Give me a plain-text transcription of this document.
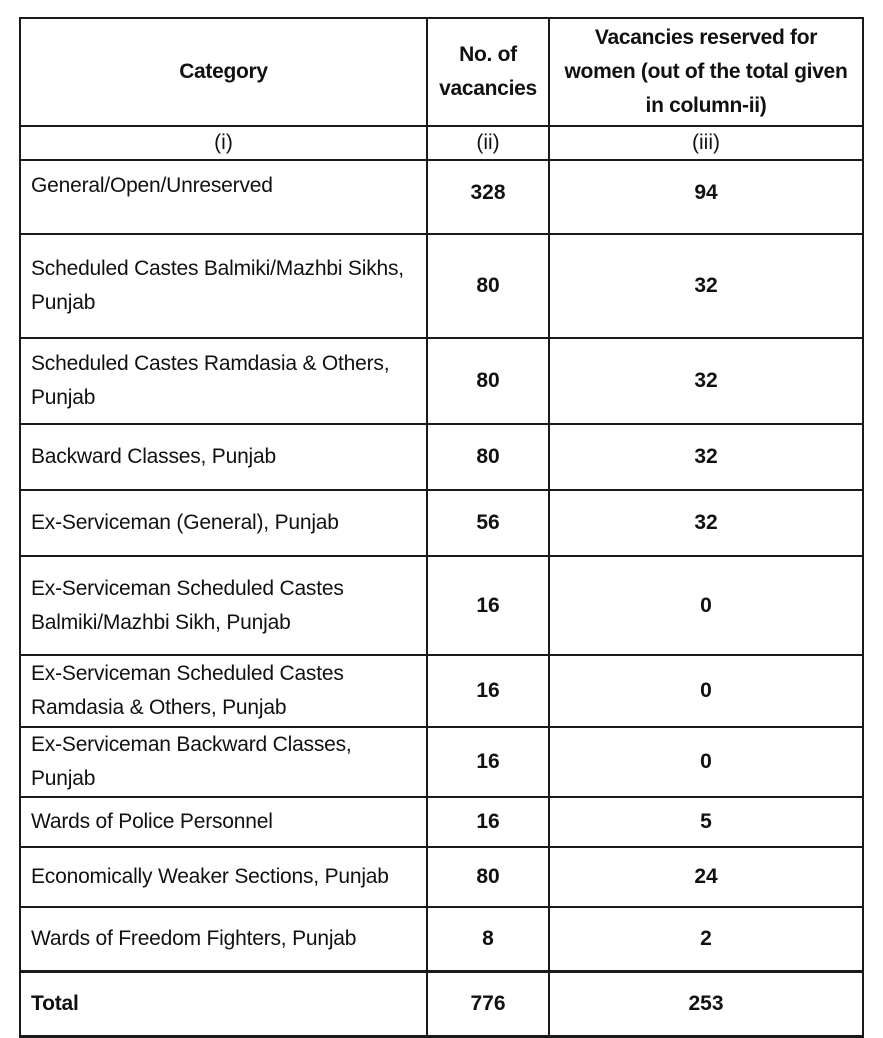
Category	No. of vacancies	Vacancies reserved for women (out of the total given in column-ii)
(i)	(ii)	(iii)
General/Open/Unreserved	328	94
Scheduled Castes Balmiki/Mazhbi Sikhs, Punjab	80	32
Scheduled Castes Ramdasia & Others, Punjab	80	32
Backward Classes, Punjab	80	32
Ex-Serviceman (General), Punjab	56	32
Ex-Serviceman Scheduled Castes Balmiki/Mazhbi Sikh, Punjab	16	0
Ex-Serviceman Scheduled Castes Ramdasia & Others, Punjab	16	0
Ex-Serviceman Backward Classes, Punjab	16	0
Wards of Police Personnel	16	5
Economically Weaker Sections, Punjab	80	24
Wards of Freedom Fighters, Punjab	8	2
Total	776	253
